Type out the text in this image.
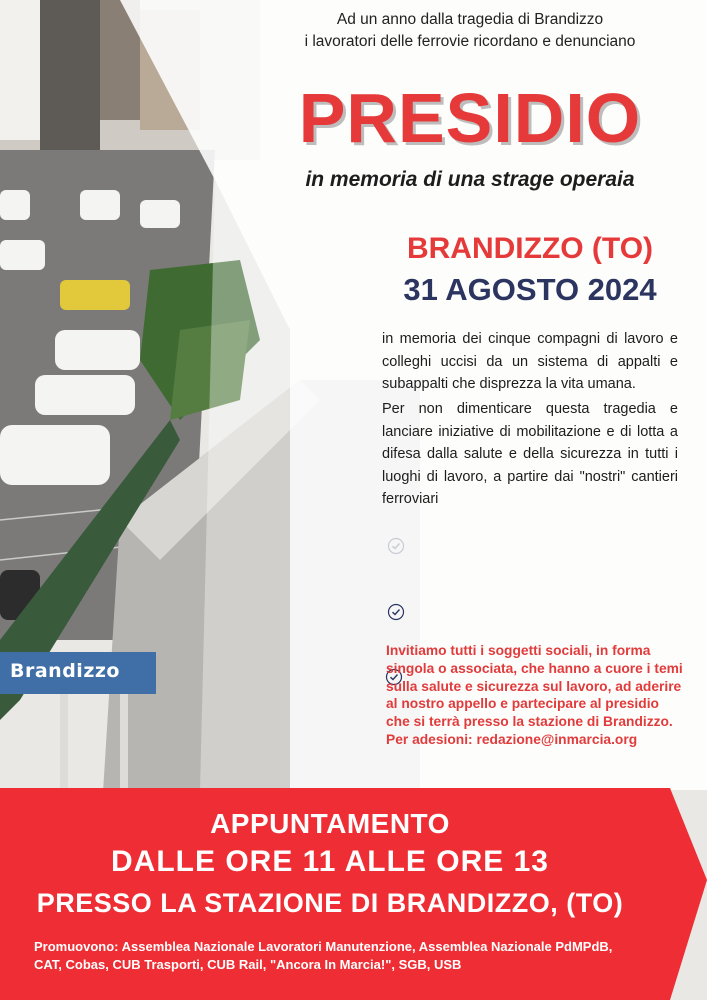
Brandizzo

Ad un anno dalla tragedia di Brandizzo

i lavoratori delle ferrovie ricordano e denunciano

PRESIDIO
in memoria di una strage operaia
BRANDIZZO (TO)
31 AGOSTO 2024

in memoria dei cinque compagni di lavoro e colleghi uccisi da un sistema di appalti e subappalti che disprezza la vita umana.

Per non dimenticare questa tragedia e lanciare iniziative di mobilitazione e di lotta a difesa dalla salute e della sicurezza in tutti i luoghi di lavoro, a partire dai "nostri" cantieri ferroviari

Invitiamo tutti i soggetti sociali, in forma
singola o associata, che hanno a cuore i temi
sulla salute e sicurezza sul lavoro, ad aderire
al nostro appello e partecipare al presidio
che si terrà presso la stazione di Brandizzo.
Per adesioni: redazione@inmarcia.org
APPUNTAMENTO
DALLE ORE 11 ALLE ORE 13
PRESSO LA STAZIONE DI BRANDIZZO, (TO)
Promuovono: Assemblea Nazionale Lavoratori Manutenzione, Assemblea Nazionale PdMPdB,
CAT, Cobas, CUB Trasporti, CUB Rail, "Ancora In Marcia!", SGB, USB
